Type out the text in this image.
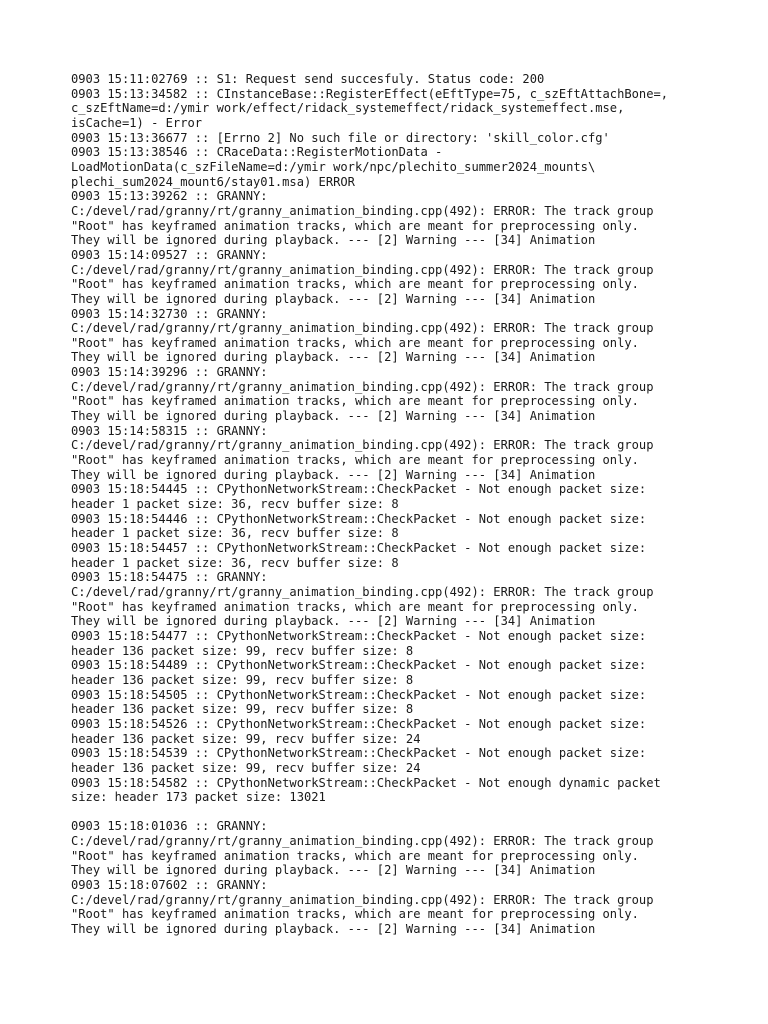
0903 15:11:02769 :: S1: Request send succesfuly. Status code: 200
0903 15:13:34582 :: CInstanceBase::RegisterEffect(eEftType=75, c_szEftAttachBone=,
c_szEftName=d:/ymir work/effect/ridack_systemeffect/ridack_systemeffect.mse,
isCache=1) - Error
0903 15:13:36677 :: [Errno 2] No such file or directory: 'skill_color.cfg'
0903 15:13:38546 :: CRaceData::RegisterMotionData -
LoadMotionData(c_szFileName=d:/ymir work/npc/plechito_summer2024_mounts\
plechi_sum2024_mount6/stay01.msa) ERROR
0903 15:13:39262 :: GRANNY:
C:/devel/rad/granny/rt/granny_animation_binding.cpp(492): ERROR: The track group
"Root" has keyframed animation tracks, which are meant for preprocessing only.
They will be ignored during playback. --- [2] Warning --- [34] Animation
0903 15:14:09527 :: GRANNY:
C:/devel/rad/granny/rt/granny_animation_binding.cpp(492): ERROR: The track group
"Root" has keyframed animation tracks, which are meant for preprocessing only.
They will be ignored during playback. --- [2] Warning --- [34] Animation
0903 15:14:32730 :: GRANNY:
C:/devel/rad/granny/rt/granny_animation_binding.cpp(492): ERROR: The track group
"Root" has keyframed animation tracks, which are meant for preprocessing only.
They will be ignored during playback. --- [2] Warning --- [34] Animation
0903 15:14:39296 :: GRANNY:
C:/devel/rad/granny/rt/granny_animation_binding.cpp(492): ERROR: The track group
"Root" has keyframed animation tracks, which are meant for preprocessing only.
They will be ignored during playback. --- [2] Warning --- [34] Animation
0903 15:14:58315 :: GRANNY:
C:/devel/rad/granny/rt/granny_animation_binding.cpp(492): ERROR: The track group
"Root" has keyframed animation tracks, which are meant for preprocessing only.
They will be ignored during playback. --- [2] Warning --- [34] Animation
0903 15:18:54445 :: CPythonNetworkStream::CheckPacket - Not enough packet size:
header 1 packet size: 36, recv buffer size: 8
0903 15:18:54446 :: CPythonNetworkStream::CheckPacket - Not enough packet size:
header 1 packet size: 36, recv buffer size: 8
0903 15:18:54457 :: CPythonNetworkStream::CheckPacket - Not enough packet size:
header 1 packet size: 36, recv buffer size: 8
0903 15:18:54475 :: GRANNY:
C:/devel/rad/granny/rt/granny_animation_binding.cpp(492): ERROR: The track group
"Root" has keyframed animation tracks, which are meant for preprocessing only.
They will be ignored during playback. --- [2] Warning --- [34] Animation
0903 15:18:54477 :: CPythonNetworkStream::CheckPacket - Not enough packet size:
header 136 packet size: 99, recv buffer size: 8
0903 15:18:54489 :: CPythonNetworkStream::CheckPacket - Not enough packet size:
header 136 packet size: 99, recv buffer size: 8
0903 15:18:54505 :: CPythonNetworkStream::CheckPacket - Not enough packet size:
header 136 packet size: 99, recv buffer size: 8
0903 15:18:54526 :: CPythonNetworkStream::CheckPacket - Not enough packet size:
header 136 packet size: 99, recv buffer size: 24
0903 15:18:54539 :: CPythonNetworkStream::CheckPacket - Not enough packet size:
header 136 packet size: 99, recv buffer size: 24
0903 15:18:54582 :: CPythonNetworkStream::CheckPacket - Not enough dynamic packet
size: header 173 packet size: 13021
0903 15:18:01036 :: GRANNY:
C:/devel/rad/granny/rt/granny_animation_binding.cpp(492): ERROR: The track group
"Root" has keyframed animation tracks, which are meant for preprocessing only.
They will be ignored during playback. --- [2] Warning --- [34] Animation
0903 15:18:07602 :: GRANNY:
C:/devel/rad/granny/rt/granny_animation_binding.cpp(492): ERROR: The track group
"Root" has keyframed animation tracks, which are meant for preprocessing only.
They will be ignored during playback. --- [2] Warning --- [34] Animation
